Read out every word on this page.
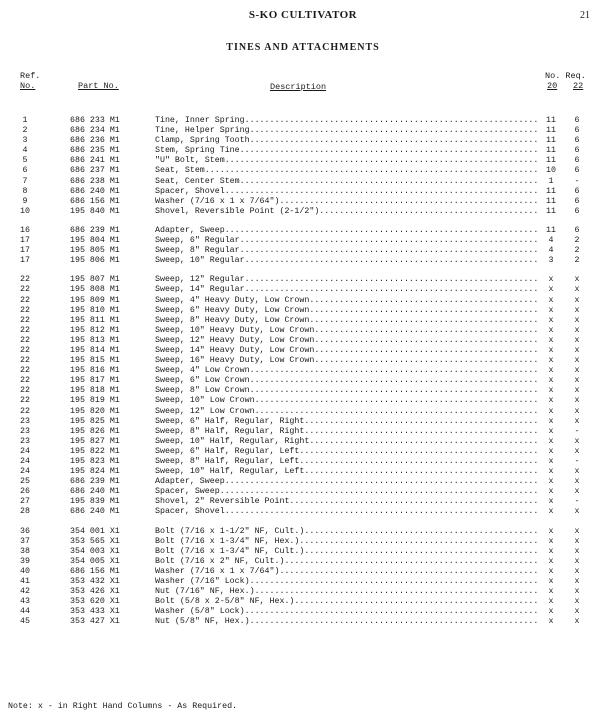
S-KO CULTIVATOR	21
TINES AND ATTACHMENTS
Ref.
No.	Part No.	Description
No. Req.
20 22
1	686 233 M1	Tine, Inner Spring........................................................... 11	6
2	686 234 M1	Tine, Helper Spring.......................................................... 11	6
3	686 236 M1	Clamp, Spring Tooth.......................................................... 11	6
4	686 235 M1	Stem, Spring Tine............................................................ 11	6
5	686 241 M1	"U" Bolt, Stem............................................................... 11	6
6	686 237 M1	Seat, Stem................................................................... 10	6
7	686 238 M1	Seat, Center Stem............................................................	1	-
8	686 240 M1	Spacer, Shovel............................................................... 11	6
9	686 156 M1	Washer (7/16 x 1 x 7/64").................................................... 11	6
10	195 840 M1	Shovel, Reversible Point (2-1/2")............................................ 11	6
16	686 239 M1	Adapter, Sweep............................................................... 11	6
17	195 804 M1	Sweep, 6" Regular............................................................	4	2
17	195 805 M1	Sweep, 8" Regular............................................................	4	2
17	195 806 M1	Sweep, 10" Regular...........................................................	3	2
22	195 807 M1	Sweep, 12" Regular...........................................................	x	x
22	195 808 M1	Sweep, 14" Regular...........................................................	x	x
22	195 809 M1	Sweep, 4" Heavy Duty, Low Crown..............................................	x	x
22	195 810 M1	Sweep, 6" Heavy Duty, Low Crown..............................................	x	x
22	195 811 M1	Sweep, 8" Heavy Duty, Low Crown..............................................	x	x
22	195 812 M1	Sweep, 10" Heavy Duty, Low Crown.............................................	x	x
22	195 813 M1	Sweep, 12" Heavy Duty, Low Crown.............................................	x	x
22	195 814 M1	Sweep, 14" Heavy Duty, Low Crown.............................................	x	x
22	195 815 M1	Sweep, 16" Heavy Duty, Low Crown.............................................	x	x
22	195 816 M1	Sweep, 4" Low Crown..........................................................	x	x
22	195 817 M1	Sweep, 6" Low Crown..........................................................	x	x
22	195 818 M1	Sweep, 8" Low Crown..........................................................	x	x
22	195 819 M1	Sweep, 10" Low Crown.........................................................	x	x
22	195 820 M1	Sweep, 12" Low Crown.........................................................	x	x
23	195 825 M1	Sweep, 6" Half, Regular, Right...............................................	x	x
23	195 826 M1	Sweep, 8" Half, Regular, Right...............................................	x	-
23	195 827 M1	Sweep, 10" Half, Regular, Right..............................................	x	x
24	195 822 M1	Sweep, 6" Half, Regular, Left................................................	x	x
24	195 823 M1	Sweep, 8" Half, Regular, Left................................................	x	-
24	195 824 M1	Sweep, 10" Half, Regular, Left...............................................	x	x
25	686 239 M1	Adapter, Sweep...............................................................	x	x
26	686 240 M1	Spacer, Sweep................................................................	x	x
27	195 839 M1	Shovel, 2" Reversible Point..................................................	x	-
28	686 240 M1	Spacer, Shovel...............................................................	x	x
36	354 001 X1	Bolt (7/16 x 1-1/2" NF, Cult.)...............................................	x	x
37	353 565 X1	Bolt (7/16 x 1-3/4" NF, Hex.)................................................	x	x
38	354 003 X1	Bolt (7/16 x 1-3/4" NF, Cult.)...............................................	x	x
39	354 005 X1	Bolt (7/16 x 2" NF, Cult.)...................................................	x	x
40	686 156 M1	Washer (7/16 x 1 x 7/64")....................................................	x	x
41	353 432 X1	Washer (7/16" Lock)..........................................................	x	x
42	353 426 X1	Nut (7/16" NF, Hex.).........................................................	x	x
43	353 620 X1	Bolt (5/8 x 2-5/8" NF, Hex.).................................................	x	x
44	353 433 X1	Washer (5/8" Lock)...........................................................	x	x
45	353 427 X1	Nut (5/8" NF, Hex.)..........................................................	x	x
Note: x - in Right Hand Columns - As Required.
